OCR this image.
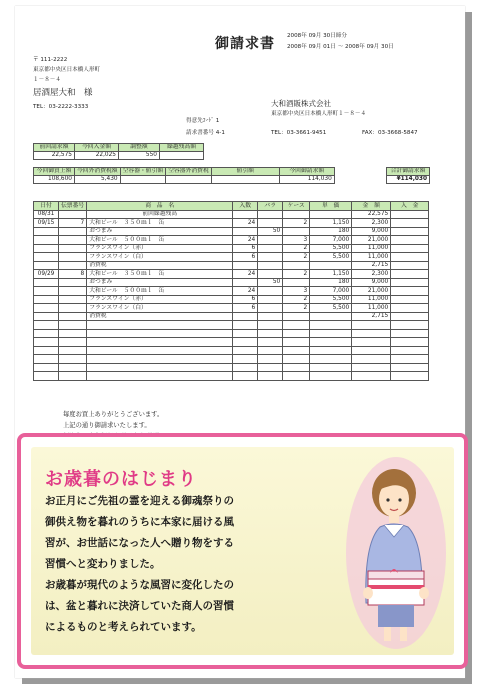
御請求書 2008年 09月 30日締分
2008年 09月 01日 ～ 2008年 09月 30日
〒 111-2222
東京都中央区日本橋人形町
１－８－４
居酒屋大和　様
TEL：03-2222-3333
得意先ｺｰﾄﾞ 1
請求書番号 4-1
大和酒販株式会社
東京都中央区日本橋人形町１－８－４
TEL：03-3661-9451	FAX：03-3668-5847
前回請求額	今回入金額	調整額	繰越残高額
22,575	22,025	550	
今回御買上額	今回外消費税額	空容器・値引額	空容器外消費税	値引額	今回御請求額
108,600	5,430				114,030
合計御請求額
¥114,030
日付	伝票番号	商　品　名	入数	バラ	ケース	単　価	金　額	入　金
08/31		前回繰越残高					22,575	
09/15	7	大和ビール　３５０ｍｌ　缶	24		2	1,150	2,300	
		おつまみ		50		180	9,000	
		大和ビール　５００ｍｌ　缶	24		3	7,000	21,000	
		フランスワイン（赤）	6		2	5,500	11,000	
		フランスワイン（白）	6		2	5,500	11,000	
		消費税					2,715	
09/29	8	大和ビール　３５０ｍｌ　缶	24		2	1,150	2,300	
		おつまみ		50		180	9,000	
		大和ビール　５００ｍｌ　缶	24		3	7,000	21,000	
		フランスワイン（赤）	6		2	5,500	11,000	
		フランスワイン（白）	6		2	5,500	11,000	
		消費税					2,715	

毎度お買上ありがとうございます。
上記の通り御請求いたします。
お歳暮のはじまり
お正月にご先祖の霊を迎える御魂祭りの
御供え物を暮れのうちに本家に届ける風
習が、お世話になった人へ贈り物をする
習慣へと変わりました。
お歳暮が現代のような風習に変化したの
は、盆と暮れに決済していた商人の習慣
によるものと考えられています。
